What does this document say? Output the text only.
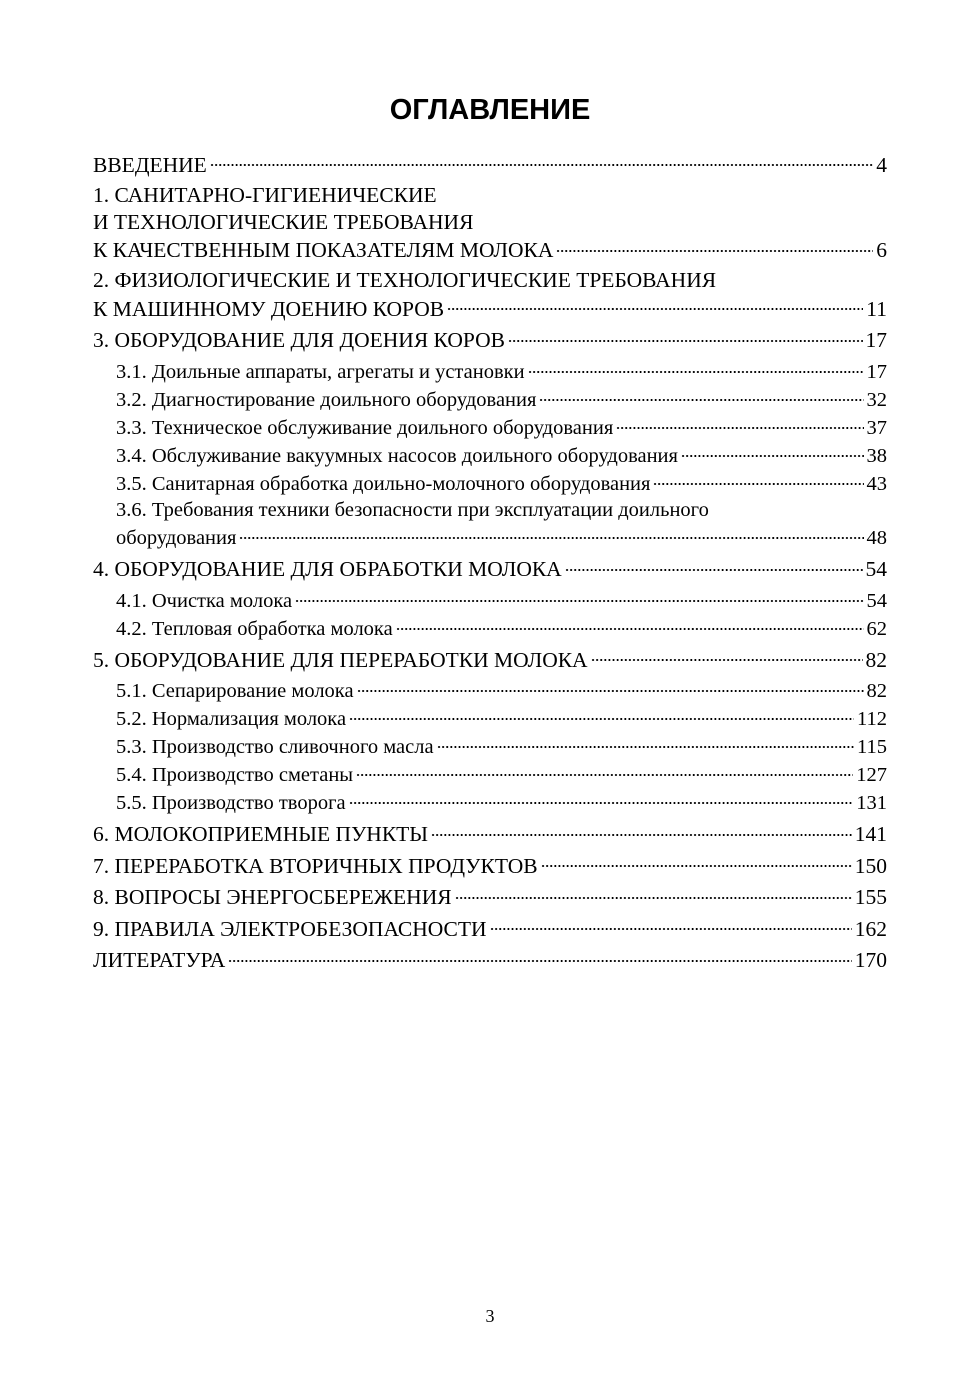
ОГЛАВЛЕНИЕ
ВВЕДЕНИЕ	4
1. САНИТАРНО-ГИГИЕНИЧЕСКИЕ
И ТЕХНОЛОГИЧЕСКИЕ ТРЕБОВАНИЯ
К КАЧЕСТВЕННЫМ ПОКАЗАТЕЛЯМ МОЛОКА	6
2. ФИЗИОЛОГИЧЕСКИЕ И ТЕХНОЛОГИЧЕСКИЕ ТРЕБОВАНИЯ
К МАШИННОМУ ДОЕНИЮ КОРОВ	11
3. ОБОРУДОВАНИЕ ДЛЯ ДОЕНИЯ КОРОВ	17
3.1. Доильные аппараты, агрегаты и установки	17
3.2. Диагностирование доильного оборудования	32
3.3. Техническое обслуживание доильного оборудования	37
3.4. Обслуживание вакуумных насосов доильного оборудования	38
3.5. Санитарная обработка доильно-молочного оборудования	43
3.6. Требования техники безопасности при эксплуатации доильного
оборудования	48
4. ОБОРУДОВАНИЕ ДЛЯ ОБРАБОТКИ МОЛОКА	54
4.1. Очистка молока	54
4.2. Тепловая обработка молока	62
5. ОБОРУДОВАНИЕ ДЛЯ ПЕРЕРАБОТКИ МОЛОКА	82
5.1. Сепарирование молока	82
5.2. Нормализация молока	112
5.3. Производство сливочного масла	115
5.4. Производство сметаны	127
5.5. Производство творога	131
6. МОЛОКОПРИЕМНЫЕ ПУНКТЫ	141
7. ПЕРЕРАБОТКА ВТОРИЧНЫХ ПРОДУКТОВ	150
8. ВОПРОСЫ ЭНЕРГОСБЕРЕЖЕНИЯ	155
9. ПРАВИЛА ЭЛЕКТРОБЕЗОПАСНОСТИ	162
ЛИТЕРАТУРА	170
3
